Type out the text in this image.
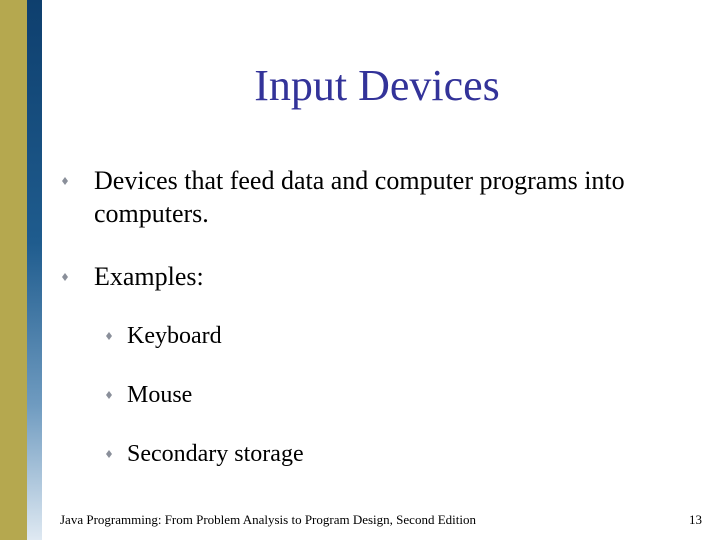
Input Devices
Devices that feed data and computer programs into computers.
Examples:
Keyboard
Mouse
Secondary storage
Java Programming: From Problem Analysis to Program Design, Second Edition	13
